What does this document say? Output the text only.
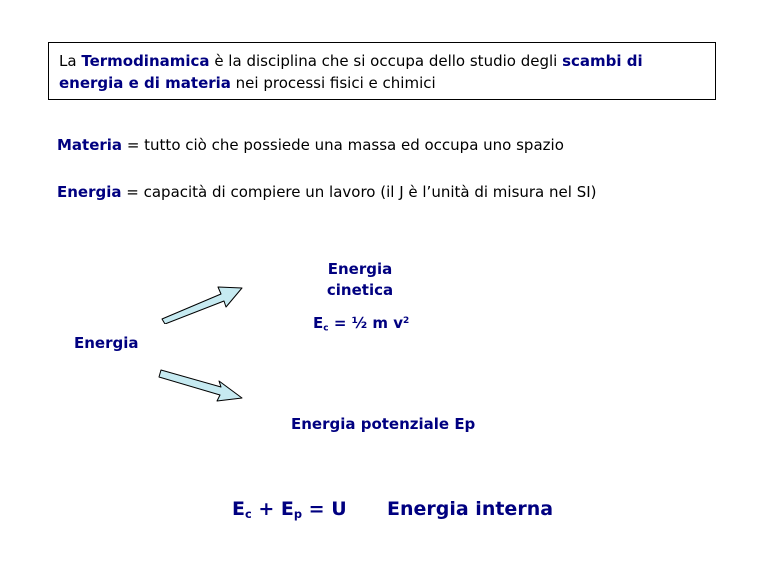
La Termodinamica è la disciplina che si occupa dello studio degli scambi di
energia e di materia nei processi fisici e chimici
Materia = tutto ciò che possiede una massa ed occupa uno spazio
Energia = capacità di compiere un lavoro (il J è l’unità di misura nel SI)
Energia
Energia
cinetica
$E_c$ = ½ m $v^2$
Energia potenziale Ep
$E_c + E_p = U$ Energia interna
